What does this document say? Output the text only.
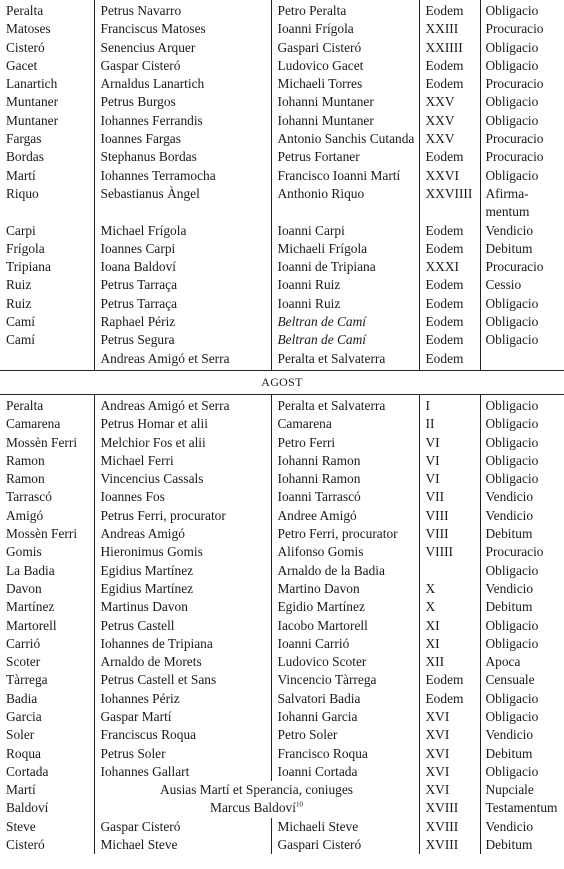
Peralta	Petrus Navarro	Petro Peralta	Eodem	Obligacio
Matoses	Franciscus Matoses	Ioanni Frígola	XXIII	Procuracio
Cisteró	Senencius Arquer	Gaspari Cisteró	XXIIII	Obligacio
Gacet	Gaspar Cisteró	Ludovico Gacet	Eodem	Obligacio
Lanartich	Arnaldus Lanartich	Michaeli Torres	Eodem	Procuracio
Muntaner	Petrus Burgos	Iohanni Muntaner	XXV	Obligacio
Muntaner	Iohannes Ferrandis	Iohanni Muntaner	XXV	Obligacio
Fargas	Ioannes Fargas	Antonio Sanchis Cutanda	XXV	Procuracio
Bordas	Stephanus Bordas	Petrus Fortaner	Eodem	Procuracio
Martí	Iohannes Terramocha	Francisco Ioanni Martí	XXVI	Obligacio
Riquo	Sebastianus Àngel	Anthonio Riquo	XXVIIII	Afirma-
				mentum
Carpi	Michael Frígola	Ioanni Carpi	Eodem	Vendicio
Frígola	Ioannes Carpi	Michaeli Frígola	Eodem	Debitum
Tripiana	Ioana Baldoví	Ioanni de Tripiana	XXXI	Procuracio
Ruiz	Petrus Tarraça	Ioanni Ruiz	Eodem	Cessio
Ruiz	Petrus Tarraça	Ioanni Ruiz	Eodem	Obligacio
Camí	Raphael Périz	Beltran de Camí	Eodem	Obligacio
Camí	Petrus Segura	Beltran de Camí	Eodem	Obligacio
	Andreas Amigó et Serra	Peralta et Salvaterra	Eodem	
AGOST				
Peralta	Andreas Amigó et Serra	Peralta et Salvaterra	I	Obligacio
Camarena	Petrus Homar et alii	Camarena	II	Obligacio
Mossèn Ferri	Melchior Fos et alii	Petro Ferri	VI	Obligacio
Ramon	Michael Ferri	Iohanni Ramon	VI	Obligacio
Ramon	Vincencius Cassals	Iohanni Ramon	VI	Obligacio
Tarrascó	Ioannes Fos	Ioanni Tarrascó	VII	Vendicio
Amigó	Petrus Ferri, procurator	Andree Amigó	VIII	Vendicio
Mossèn Ferri	Andreas Amigó	Petro Ferri, procurator	VIII	Debitum
Gomis	Hieronimus Gomis	Alifonso Gomis	VIIII	Procuracio
La Badia	Egidius Martínez	Arnaldo de la Badia		Obligacio
Davon	Egidius Martínez	Martino Davon	X	Vendicio
Martínez	Martinus Davon	Egidio Martínez	X	Debitum
Martorell	Petrus Castell	Iacobo Martorell	XI	Obligacio
Carrió	Iohannes de Tripiana	Ioanni Carrió	XI	Obligacio
Scoter	Arnaldo de Morets	Ludovico Scoter	XII	Apoca
Tàrrega	Petrus Castell et Sans	Vincencio Tàrrega	Eodem	Censuale
Badia	Iohannes Périz	Salvatori Badia	Eodem	Obligacio
Garcia	Gaspar Martí	Iohanni Garcia	XVI	Obligacio
Soler	Franciscus Roqua	Petro Soler	XVI	Vendicio
Roqua	Petrus Soler	Francisco Roqua	XVI	Debitum
Cortada	Iohannes Gallart	Ioanni Cortada	XVI	Obligacio
Martí	Ausias Martí et Sperancia, coniuges		XVI	Nupciale
Baldoví	Marcus Baldoví$^{10}$		XVIII	Testamentum
Steve	Gaspar Cisteró	Michaeli Steve	XVIII	Vendicio
Cisteró	Michael Steve	Gaspari Cisteró	XVIII	Debitum
